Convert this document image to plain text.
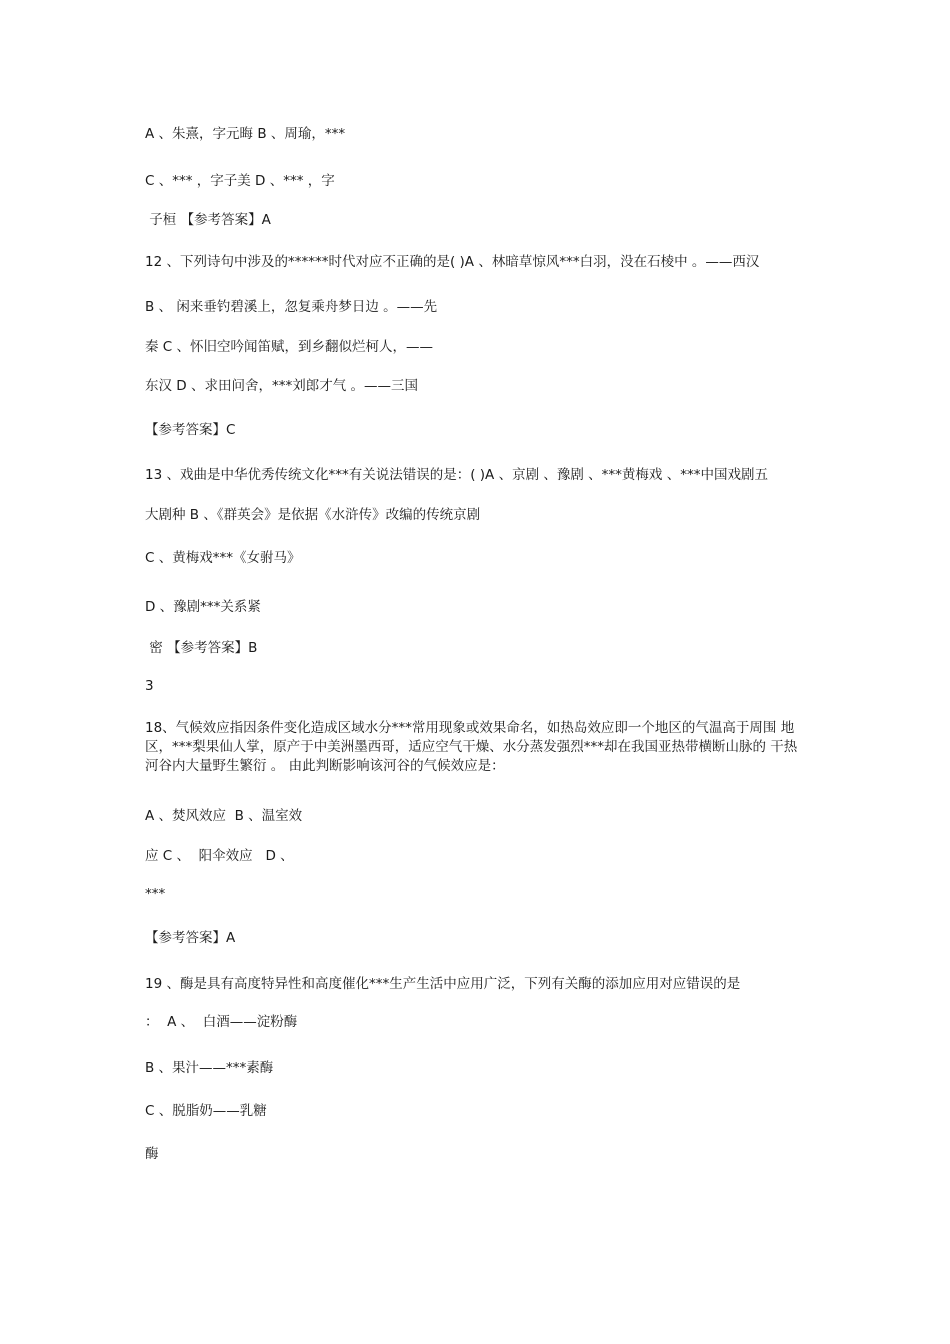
A 、朱熹，字元晦 B 、周瑜，***

C 、*** ，字子美 D 、*** ，字

子桓 【参考答案】A

12 、下列诗句中涉及的******时代对应不正确的是( )A 、林暗草惊风***白羽，没在石棱中 。——西汉

B 、 闲来垂钓碧溪上，忽复乘舟梦日边 。——先

秦 C 、怀旧空吟闻笛赋，到乡翻似烂柯人，——

东汉 D 、求田问舍，***刘郎才气 。——三国

【参考答案】C

13 、戏曲是中华优秀传统文化***有关说法错误的是：( )A 、京剧 、豫剧 、***黄梅戏 、***中国戏剧五

大剧种 B 、《群英会》是依据《水浒传》改编的传统京剧

C 、黄梅戏***《女驸马》

D 、豫剧***关系紧

密 【参考答案】B

3

18、气候效应指因条件变化造成区域水分***常用现象或效果命名，如热岛效应即一个地区的气温高于周围 地区，***梨果仙人掌，原产于中美洲墨西哥，适应空气干燥、水分蒸发强烈***却在我国亚热带横断山脉的 干热河谷内大量野生繁衍 。 由此判断影响该河谷的气候效应是：

A 、焚风效应  B 、温室效

应 C 、  阳伞效应   D 、

***

【参考答案】A

19 、酶是具有高度特异性和高度催化***生产生活中应用广泛，下列有关酶的添加应用对应错误的是

：  A 、  白酒——淀粉酶

B 、果汁——***素酶

C 、脱脂奶——乳糖

酶
